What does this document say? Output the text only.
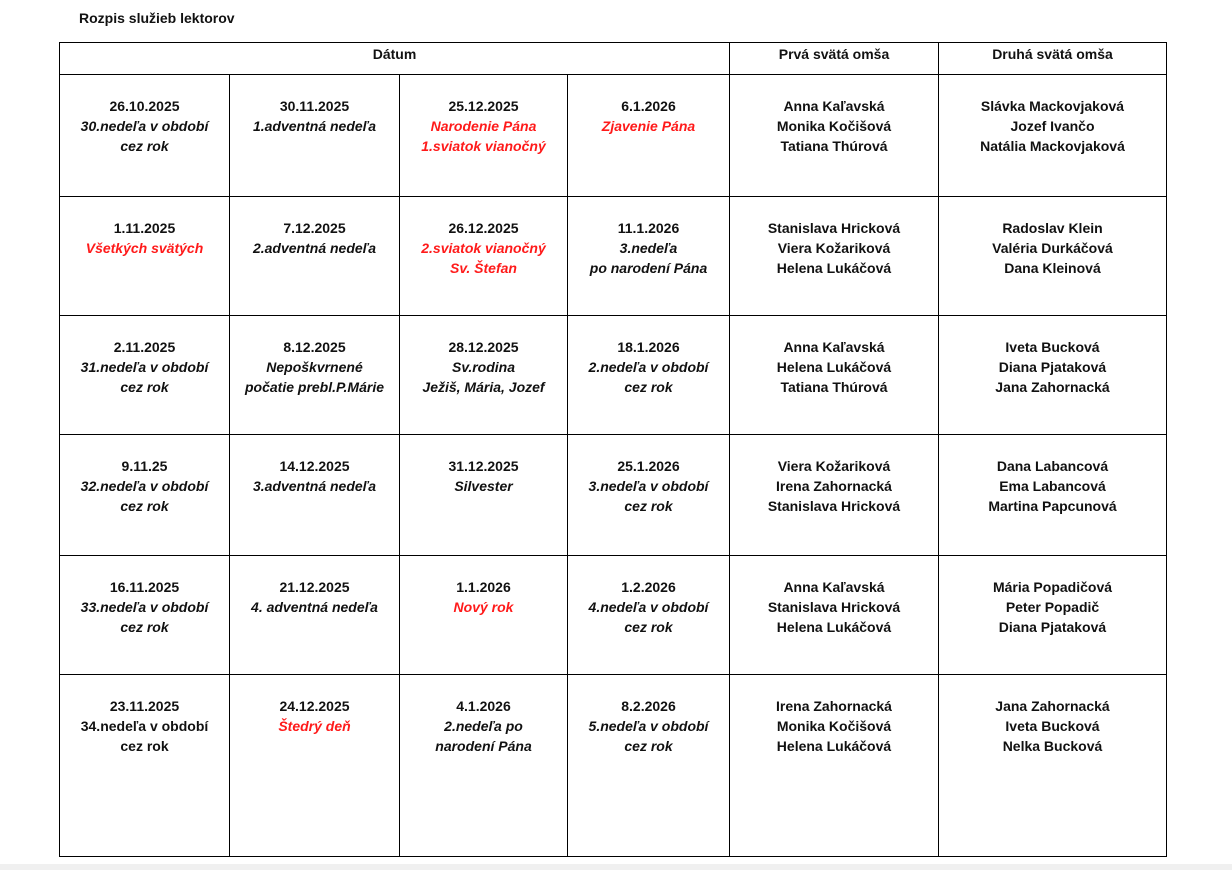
Rozpis služieb lektorov
Dátum				Prvá svätá omša	Druhá svätá omša

26.10.2025
30.nedeľa v období
cez rok	30.11.2025
1.adventná nedeľa	25.12.2025
Narodenie Pána
1.sviatok vianočný	6.1.2026
Zjavenie Pána	Anna Kaľavská
Monika Kočišová
Tatiana Thúrová	Slávka Mackovjaková
Jozef Ivančo
Natália Mackovjaková

1.11.2025
Všetkých svätých	7.12.2025
2.adventná nedeľa	26.12.2025
2.sviatok vianočný
Sv. Štefan	11.1.2026
3.nedeľa
po narodení Pána	Stanislava Hricková
Viera Kožariková
Helena Lukáčová	Radoslav Klein
Valéria Durkáčová
Dana Kleinová

2.11.2025
31.nedeľa v období
cez rok	8.12.2025
Nepoškvrnené
počatie prebl.P.Márie	28.12.2025
Sv.rodina
Ježiš, Mária, Jozef	18.1.2026
2.nedeľa v období
cez rok	Anna Kaľavská
Helena Lukáčová
Tatiana Thúrová	Iveta Bucková
Diana Pjataková
Jana Zahornacká

9.11.25
32.nedeľa v období
cez rok	14.12.2025
3.adventná nedeľa	31.12.2025
Silvester	25.1.2026
3.nedeľa v období
cez rok	Viera Kožariková
Irena Zahornacká
Stanislava Hricková	Dana Labancová
Ema Labancová
Martina Papcunová

16.11.2025
33.nedeľa v období
cez rok	21.12.2025
4. adventná nedeľa	1.1.2026
Nový rok	1.2.2026
4.nedeľa v období
cez rok	Anna Kaľavská
Stanislava Hricková
Helena Lukáčová	Mária Popadičová
Peter Popadič
Diana Pjataková

23.11.2025
34.nedeľa v období
cez rok	24.12.2025
Štedrý deň	4.1.2026
2.nedeľa po
narodení Pána	8.2.2026
5.nedeľa v období
cez rok	Irena Zahornacká
Monika Kočišová
Helena Lukáčová	Jana Zahornacká
Iveta Bucková
Nelka Bucková
